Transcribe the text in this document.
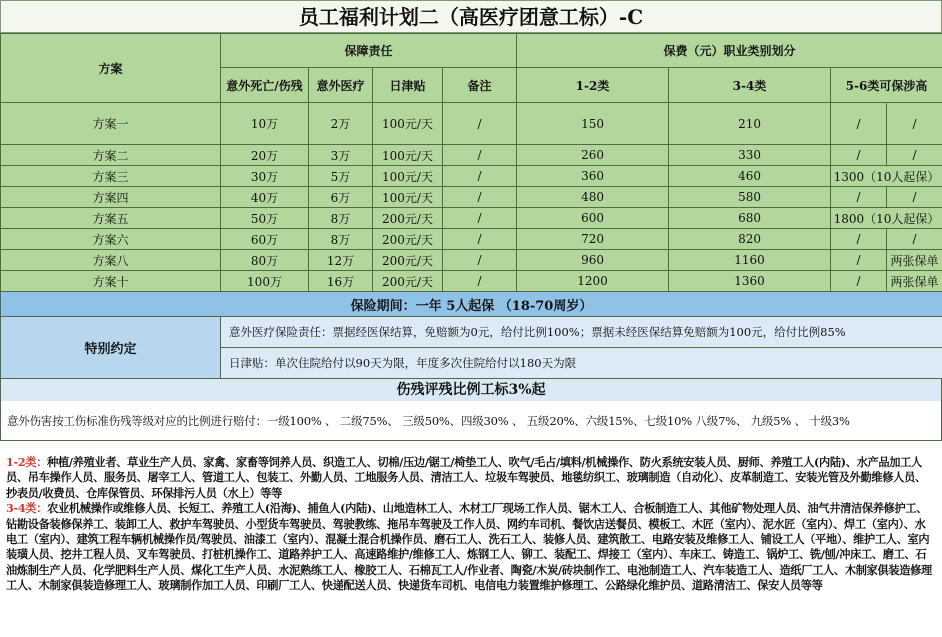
员工福利计划二（高医疗团意工标）-C
方案	保障责任				保费（元）职业类别划分			
	意外死亡/伤残	意外医疗	日津贴	备注	1-2类	3-4类	5-6类可保涉高	
方案一	10万	2万	100元/天	/	150	210	/	/
方案二	20万	3万	100元/天	/	260	330	/	/
方案三	30万	5万	100元/天	/	360	460	1300（10人起保）	
方案四	40万	6万	100元/天	/	480	580	/	/
方案五	50万	8万	200元/天	/	600	680	1800（10人起保）	
方案六	60万	8万	200元/天	/	720	820	/	/
方案八	80万	12万	200元/天	/	960	1160	/	两张保单
方案十	100万	16万	200元/天	/	1200	1360	/	两张保单
保险期间：一年 5人起保 （18-70周岁）								
特别约定	意外医疗保险责任：票据经医保结算，免赔额为0元，给付比例100%；票据未经医保结算免赔额为100元，给付比例85%							
	日津贴：单次住院给付以90天为限，年度多次住院给付以180天为限							
伤残评残比例工标3%起
意外伤害按工伤标准伤残等级对应的比例进行赔付：一级100% 、 二级75%、 三级50%、四级30% 、 五级20%、六级15%、七级10% 八级7%、 九级5% 、 十级3%
1-2类：种植/养殖业者、草业生产人员、家禽、家畜等饲养人员、织造工人、切棉/压边/锯工/椅垫工人、吹气/毛占/填料/机械操作、防火系统安装人员、厨师、养殖工人(内陆)、水产品加工人员、吊车操作人员、服务员、屠宰工人、管道工人、包装工、外勤人员、工地服务人员、清洁工人、垃圾车驾驶员、地毯纺织工、玻璃制造（自动化）、皮革制造工、安装光管及外勤维修人员、抄表员/收费员、仓库保管员、环保排污人员（水上）等等
3-4类：农业机械操作或维修人员、长短工、养殖工人(沿海)、捕鱼人(内陆)、山地造林工人、木材工厂现场工作人员、锯木工人、合板制造工人、其他矿物处理人员、油气井清洁保养修护工、钻勘设备装修保养工、装卸工人、救护车驾驶员、小型货车驾驶员、驾驶教练、拖吊车驾驶及工作人员、网约车司机、餐饮店送餐员、模板工、木匠（室内）、泥水匠（室内）、焊工（室内）、水电工（室内）、建筑工程车辆机械操作员/驾驶员、油漆工（室内）、混凝土混合机操作员、磨石工人、洗石工人、装修人员、建筑散工、电路安装及维修工人、铺设工人（平地）、维护工人、室内装璜人员、挖井工程人员、叉车驾驶员、打桩机操作工、道路养护工人、高速路维护/维修工人、炼钢工人、铆工、装配工、焊接工（室内）、车床工、铸造工、锅炉工、铣/刨/冲床工、磨工、石油炼制生产人员、化学肥料生产人员、煤化工生产人员、水泥熟练工人、橡胶工人、石棉瓦工人/作业者、陶瓷/木炭/砖块制作工、电池制造工人、汽车装造工人、造纸厂工人、木制家俱装造修理工人、木制家俱装造修理工人、玻璃制作加工人员、印刷厂工人、快递配送人员、快递货车司机、电信电力装置维护修理工、公路绿化维护员、道路清洁工、保安人员等等
